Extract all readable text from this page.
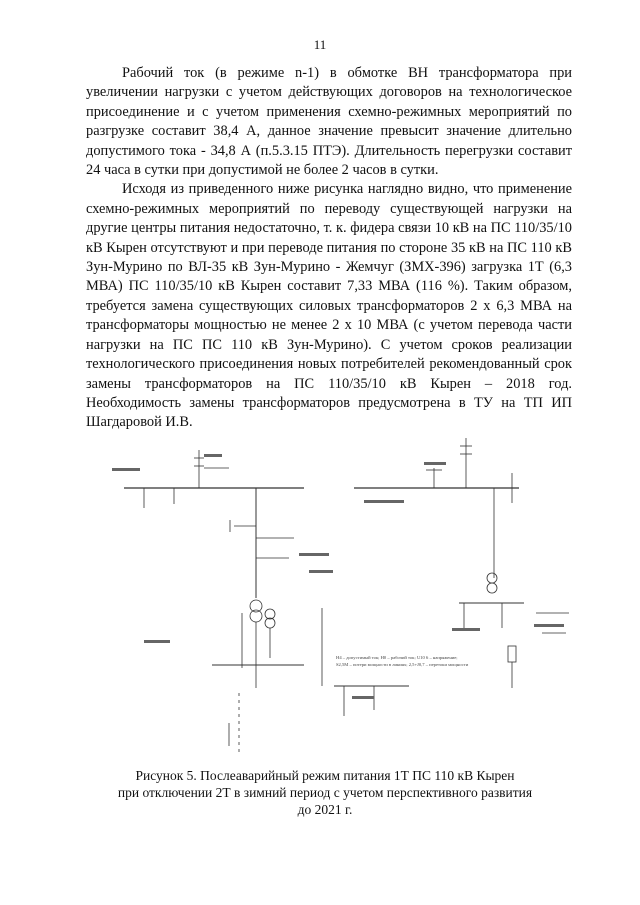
11

Рабочий ток (в режиме n-1) в обмотке ВН трансформатора при увеличении нагрузки с учетом действующих договоров на технологическое присоединение и с учетом применения схемно-режимных мероприятий по разгрузке составит 38,4 А, данное значение превысит значение длительно допустимого тока - 34,8 А (п.5.3.15 ПТЭ). Длительность перегрузки составит 24 часа в сутки при допустимой не более 2 часов в сутки.

Исходя из приведенного ниже рисунка наглядно видно, что применение схемно-режимных мероприятий по переводу существующей нагрузки на другие центры питания недостаточно, т. к. фидера связи 10 кВ на ПС 110/35/10 кВ Кырен отсутствуют и при переводе питания по стороне 35 кВ на ПС 110 кВ Зун-Мурино по ВЛ-35 кВ Зун-Мурино - Жемчуг (ЗМХ-396) загрузка 1Т (6,3 МВА) ПС 110/35/10 кВ Кырен составит 7,33 МВА (116 %). Таким образом, требуется замена существующих силовых трансформаторов 2 х 6,3 МВА на трансформаторы мощностью не менее 2 х 10 МВА (с учетом перевода части нагрузки на ПС ПС 110 кВ Зун-Мурино). С учетом сроков реализации технологического присоединения новых потребителей рекомендованный срок замены трансформаторов на ПС 110/35/10 кВ Кырен – 2018 год. Необходимость замены трансформаторов предусмотрена в ТУ на ТП ИП Шагдаровой И.В.

Н4 – допустимый ток; Н0 – рабочий ток; U10 6 – напряжение;
S2,5М – потери мощности в линиях; 2,5+J0,7 – перетоки мощности
Рисунок 5. Послеаварийный режим питания 1Т ПС 110 кВ Кырен
при отключении 2Т в зимний период с учетом перспективного развития
до 2021 г.
